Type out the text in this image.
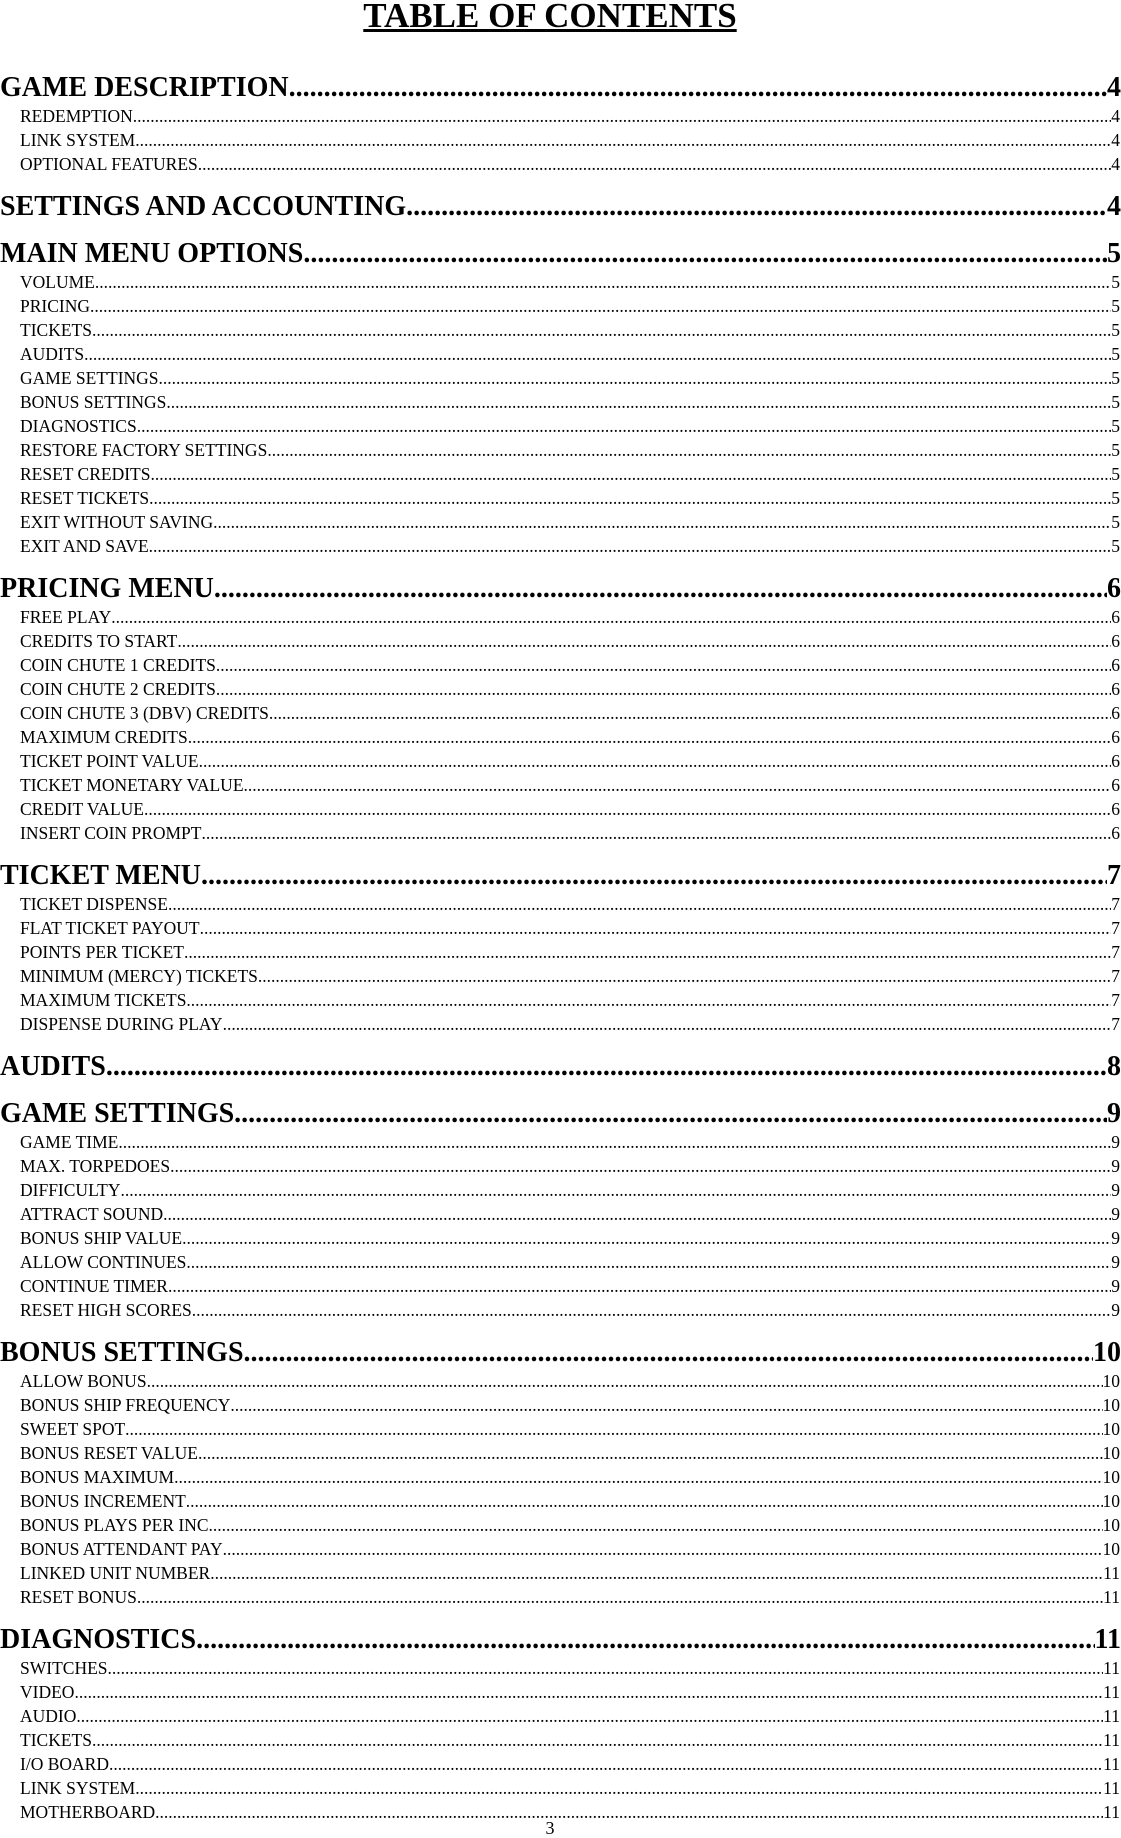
TABLE OF CONTENTS
GAME DESCRIPTION .....	4
REDEMPTION .....	4
LINK SYSTEM .....	4
OPTIONAL FEATURES .....	4
SETTINGS AND ACCOUNTING .....	4
MAIN MENU OPTIONS .....	5
VOLUME .....	5
PRICING .....	5
TICKETS .....	5
AUDITS .....	5
GAME SETTINGS .....	5
BONUS SETTINGS .....	5
DIAGNOSTICS .....	5
RESTORE FACTORY SETTINGS .....	5
RESET CREDITS .....	5
RESET TICKETS .....	5
EXIT WITHOUT SAVING .....	5
EXIT AND SAVE .....	5
PRICING MENU .....	6
FREE PLAY .....	6
CREDITS TO START .....	6
COIN CHUTE 1 CREDITS .....	6
COIN CHUTE 2 CREDITS .....	6
COIN CHUTE 3 (DBV) CREDITS .....	6
MAXIMUM CREDITS .....	6
TICKET POINT VALUE .....	6
TICKET MONETARY VALUE .....	6
CREDIT VALUE .....	6
INSERT COIN PROMPT .....	6
TICKET MENU .....	7
TICKET DISPENSE .....	7
FLAT TICKET PAYOUT .....	7
POINTS PER TICKET .....	7
MINIMUM (MERCY) TICKETS .....	7
MAXIMUM TICKETS .....	7
DISPENSE DURING PLAY .....	7
AUDITS .....	8
GAME SETTINGS .....	9
GAME TIME .....	9
MAX. TORPEDOES .....	9
DIFFICULTY .....	9
ATTRACT SOUND .....	9
BONUS SHIP VALUE .....	9
ALLOW CONTINUES .....	9
CONTINUE TIMER .....	9
RESET HIGH SCORES .....	9
BONUS SETTINGS .....	10
ALLOW BONUS .....	10
BONUS SHIP FREQUENCY .....	10
SWEET SPOT .....	10
BONUS RESET VALUE .....	10
BONUS MAXIMUM .....	10
BONUS INCREMENT .....	10
BONUS PLAYS PER INC .....	10
BONUS ATTENDANT PAY .....	10
LINKED UNIT NUMBER .....	11
RESET BONUS .....	11
DIAGNOSTICS .....	11
SWITCHES .....	11
VIDEO .....	11
AUDIO .....	11
TICKETS .....	11
I/O BOARD .....	11
LINK SYSTEM .....	11
MOTHERBOARD .....	11
3
